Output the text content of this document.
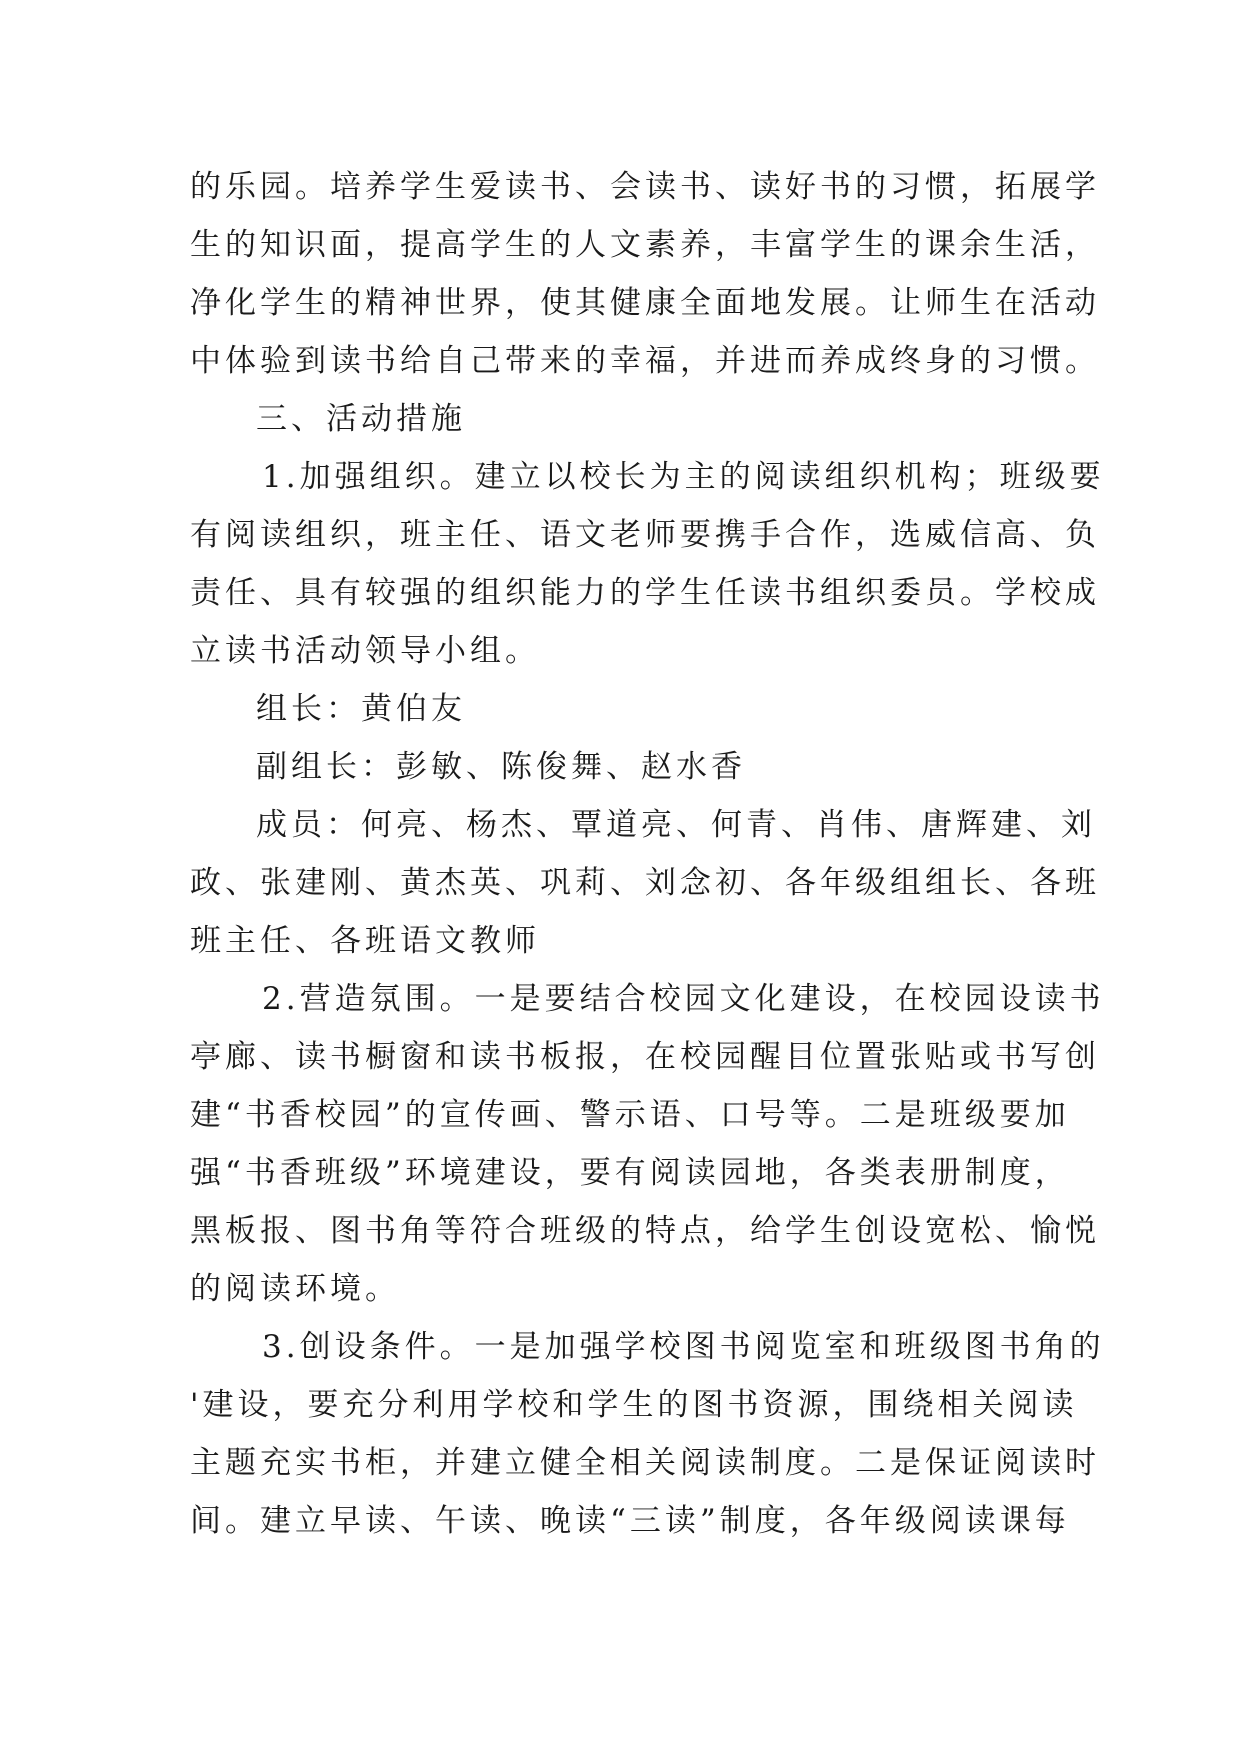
的乐园。培养学生爱读书、会读书、读好书的习惯，拓展学
生的知识面，提高学生的人文素养，丰富学生的课余生活，
净化学生的精神世界，使其健康全面地发展。让师生在活动
中体验到读书给自己带来的幸福，并进而养成终身的习惯。
三、活动措施
1.加强组织。建立以校长为主的阅读组织机构；班级要
有阅读组织，班主任、语文老师要携手合作，选威信高、负
责任、具有较强的组织能力的学生任读书组织委员。学校成
立读书活动领导小组。
组长：黄伯友
副组长：彭敏、陈俊舞、赵水香
成员：何亮、杨杰、覃道亮、何青、肖伟、唐辉建、刘
政、张建刚、黄杰英、巩莉、刘念初、各年级组组长、各班
班主任、各班语文教师
2.营造氛围。一是要结合校园文化建设，在校园设读书
亭廊、读书橱窗和读书板报，在校园醒目位置张贴或书写创
建“书香校园”的宣传画、警示语、口号等。二是班级要加
强“书香班级”环境建设，要有阅读园地，各类表册制度，
黑板报、图书角等符合班级的特点，给学生创设宽松、愉悦
的阅读环境。
3.创设条件。一是加强学校图书阅览室和班级图书角的
'建设，要充分利用学校和学生的图书资源，围绕相关阅读
主题充实书柜，并建立健全相关阅读制度。二是保证阅读时
间。建立早读、午读、晚读“三读”制度，各年级阅读课每
